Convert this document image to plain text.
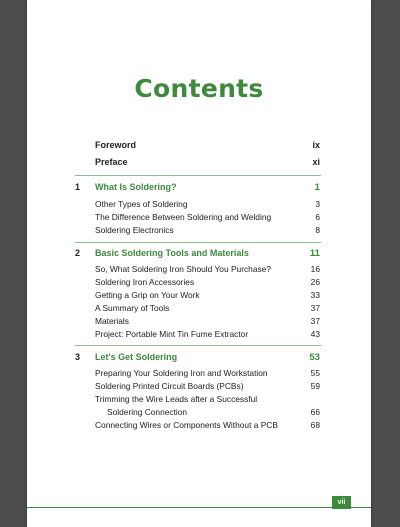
Contents
Foreword	ix
Preface	xi
1 What Is Soldering?	1
Other Types of Soldering	3
The Difference Between Soldering and Welding	6
Soldering Electronics	8
2 Basic Soldering Tools and Materials	11
So, What Soldering Iron Should You Purchase?	16
Soldering Iron Accessories	26
Getting a Grip on Your Work	33
A Summary of Tools	37
Materials	37
Project: Portable Mint Tin Fume Extractor	43
3 Let's Get Soldering	53
Preparing Your Soldering Iron and Workstation	55
Soldering Printed Circuit Boards (PCBs)	59
Trimming the Wire Leads after a Successful
Soldering Connection	66
Connecting Wires or Components Without a PCB	68
vii
